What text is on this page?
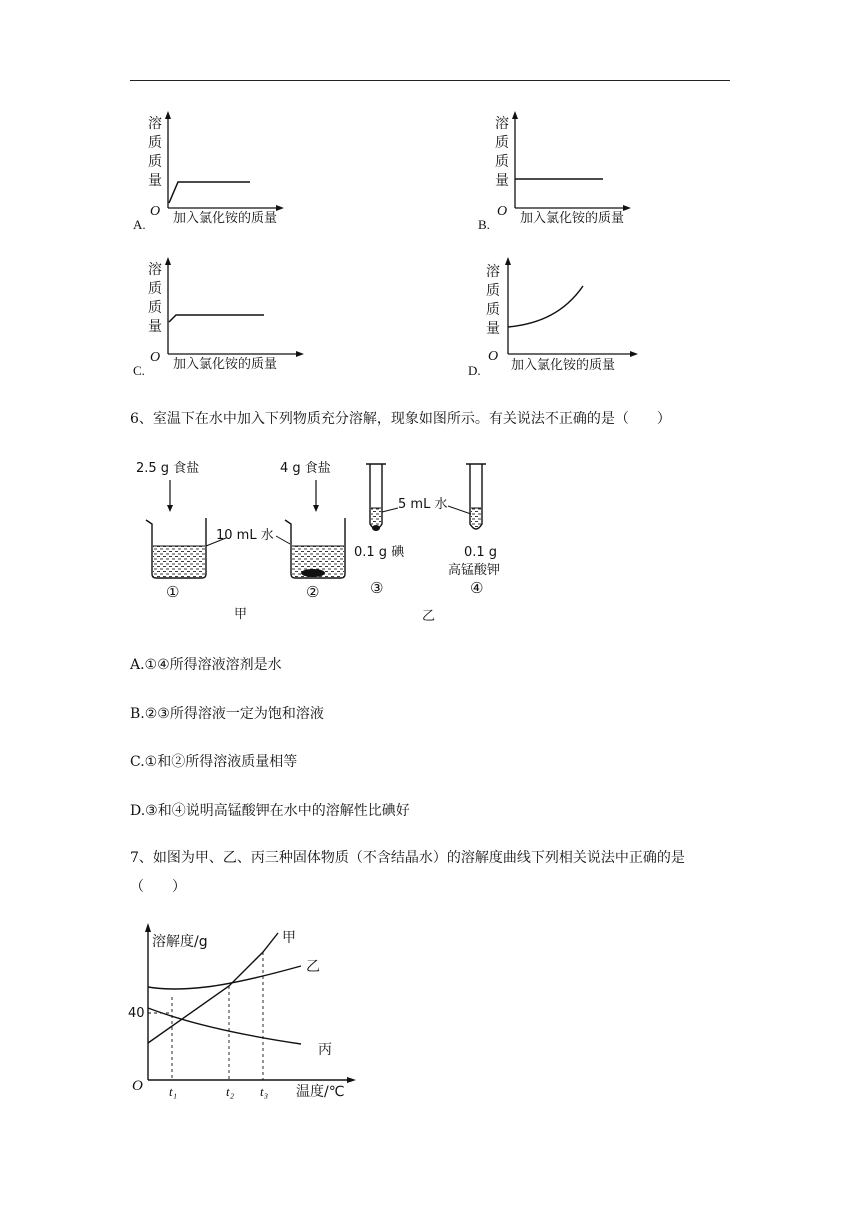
A.
溶
质
质
量
O 加入氯化铵的质量	B.
溶
质
质
量
O 加入氯化铵的质量
C.
溶
质
质
量
O 加入氯化铵的质量	D.
溶
质
质
量
O
加入氯化铵的质量
6、室温下在水中加入下列物质充分溶解，现象如图所示。有关说法不正确的是（　　）
2.5 g 食盐
①
10 mL 水
4 g 食盐
②
0.1 g 碘
③
5 mL 水
0.1 g
高锰酸钾
④
甲	乙
A.①④所得溶液溶剂是水
B.②③所得溶液一定为饱和溶液
C.①和②所得溶液质量相等
D.③和④说明高锰酸钾在水中的溶解性比碘好
7、如图为甲、乙、丙三种固体物质（不含结晶水）的溶解度曲线下列相关说法中正确的是
（　　）
溶解度/g
温度/℃
O
40
t₁	t₂ t₃
甲
乙
丙
